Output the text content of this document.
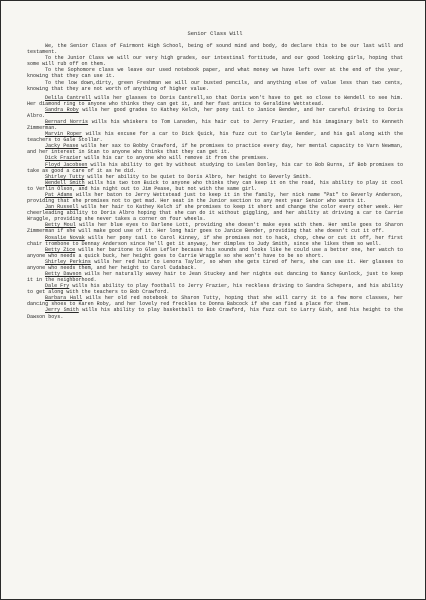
Senior Class Will

We, the Senior Class of Fairmont High School, being of sound mind and body, do declare this to be our last will and testament.

To the Junior Class we will our very high grades, our intestinal fortitude, and our good looking girls, hoping that some will rub off on them.

To the Sophomore class we leave our used notebook paper, and what money we have left over at the end of the year, knowing that they can use it.

To the low down,dirty, green Freshman we will our busted pencils, and anything else of value less than two cents, knowing that they are not worth of anything of higher value.

Delila Cantrell wills her glasses to Doris Cantrell,so that Doris won't have to get so close to Wendell to see him. Her diamond ring to anyone who thinks they can get it, and her fast antics to Geraldine Wettstead.

Sandra Roby wills her good grades to Kathey Kelch, her pony tail to Janice Bender, and her careful driving to Doris Albro.

Bernard Norris wills his whiskers to Tom Lansden, his hair cut to Jerry Frazier, and his imaginary belt to Kenneth Zimmerman.

Marvin Roper wills his excuse for a car to Dick Quick, his fuzz cut to Carlyle Bender, and his gal along with the teachers to Gale Stollar.

Jacky Pease wills her sax to Bobby Crawford, if he promises to practice every day, her mental capacity to Varn Newman, and her interest in Stan to anyone who thinks that they can get it.

Dick Frazier wills his car to anyone who will remove it from the premises.

Floyd Jacobsen wills his ability to get by without studying to Leslen Donley, his car to Bob Burns, if Bob promises to take as good a care of it as he did.

Shirley Tutty wills her ability to be quiet to Doris Albro, her height to Beverly Smith.

Wendell Smith wills his two ton Buick to anyone who thinks they can keep it on the road, his ability to play it cool to Verlin Olson, and his night out to Jim Pease, but not with the same girl.

Pat Adams wills her baton to Jerry Wettstead just to keep it in the family, her nick name "Pat" to Beverly Anderson, providing that she promises not to get mad. Her seat in the Junior section to any next year Senior who wants it.

Jan Russell wills her hair to Kathey Kelch if she promises to keep it short and change the color every other week. Her cheerleading ability to Doris Albro hoping that she can do it without giggling, and her ability at driving a car to Carrie Wraggle, providing she never takes a corner on four wheels.

Betty Moul wills her blue eyes to Darlene Lott, providing she doesn't make eyes with them. Her smile goes to Sharon Zimmerman if she will make good use of it. Her long hair goes to Janice Bender, providing that she doesn't cut it off.

Rosalie Novak wills her pony tail to Carol Kinney, if she promises not to hack, chop, chew or cut it off, her first chair trombone to Dennay Anderson since he'll get it anyway, her dimples to Judy Smith, since she likes them so well.

Betty Zice wills her baritone to Glen Lefler because his sounds and looks like he could use a better one, her watch to anyone who needs a quick buck, her height goes to Carrie Wraggle so she won't have to be so short.

Shirley Perkins wills her red hair to Lenora Taylor, so when she gets tired of hers, she can use it. Her glasses to anyone who needs them, and her height to Carol Cudaback.

Betty Dawson wills her naturally wavey hair to Jean Stuckey and her nights out dancing to Nancy Gunlock, just to keep it in the neighborhood.

Dale Fry wills his ability to play football to Jerry Frazier, his reckless driving to Sandra Schepers, and his ability to get along with the teachers to Bob Crawford.

Barbara Hall wills her old red notebook to Sharon Tutty, hoping that she will carry it to a few more classes, her dancing shoes to Karen Roby, and her lovely red freckles to Donna Babcock if she can find a place for them.

Jerry Smith wills his ability to play basketball to Bob Crawford, his fuzz cut to Larry Gish, and his height to the Dawson boys.
